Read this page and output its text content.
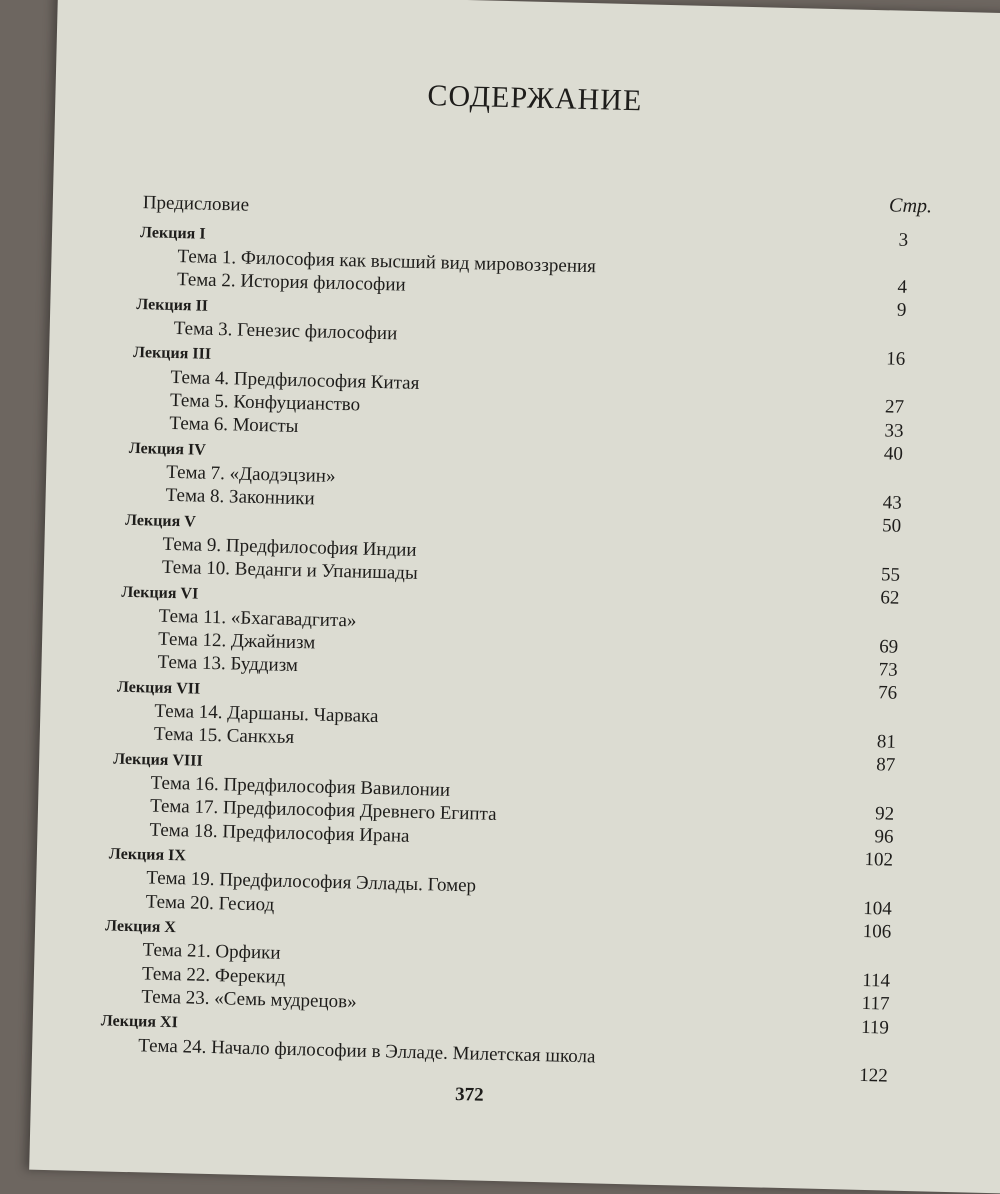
СОДЕРЖАНИЕ
Стр.
Предисловие
3
Лекция I
Тема 1. Философия как высший вид мировоззрения
4
Тема 2. История философии
9
Лекция II
Тема 3. Генезис философии
16
Лекция III
Тема 4. Предфилософия Китая
27
Тема 5. Конфуцианство
33
Тема 6. Моисты
40
Лекция IV
Тема 7. «Даодэцзин»
43
Тема 8. Законники
50
Лекция V
Тема 9. Предфилософия Индии
55
Тема 10. Веданги и Упанишады
62
Лекция VI
Тема 11. «Бхагавадгита»
69
Тема 12. Джайнизм
73
Тема 13. Буддизм
76
Лекция VII
Тема 14. Даршаны. Чарвака
81
Тема 15. Санкхья
87
Лекция VIII
Тема 16. Предфилософия Вавилонии
92
Тема 17. Предфилософия Древнего Египта
96
Тема 18. Предфилософия Ирана
102
Лекция IX
Тема 19. Предфилософия Эллады. Гомер
104
Тема 20. Гесиод
106
Лекция X
Тема 21. Орфики
114
Тема 22. Ферекид
117
Тема 23. «Семь мудрецов»
119
Лекция XI
Тема 24. Начало философии в Элладе. Милетская школа
122
372
